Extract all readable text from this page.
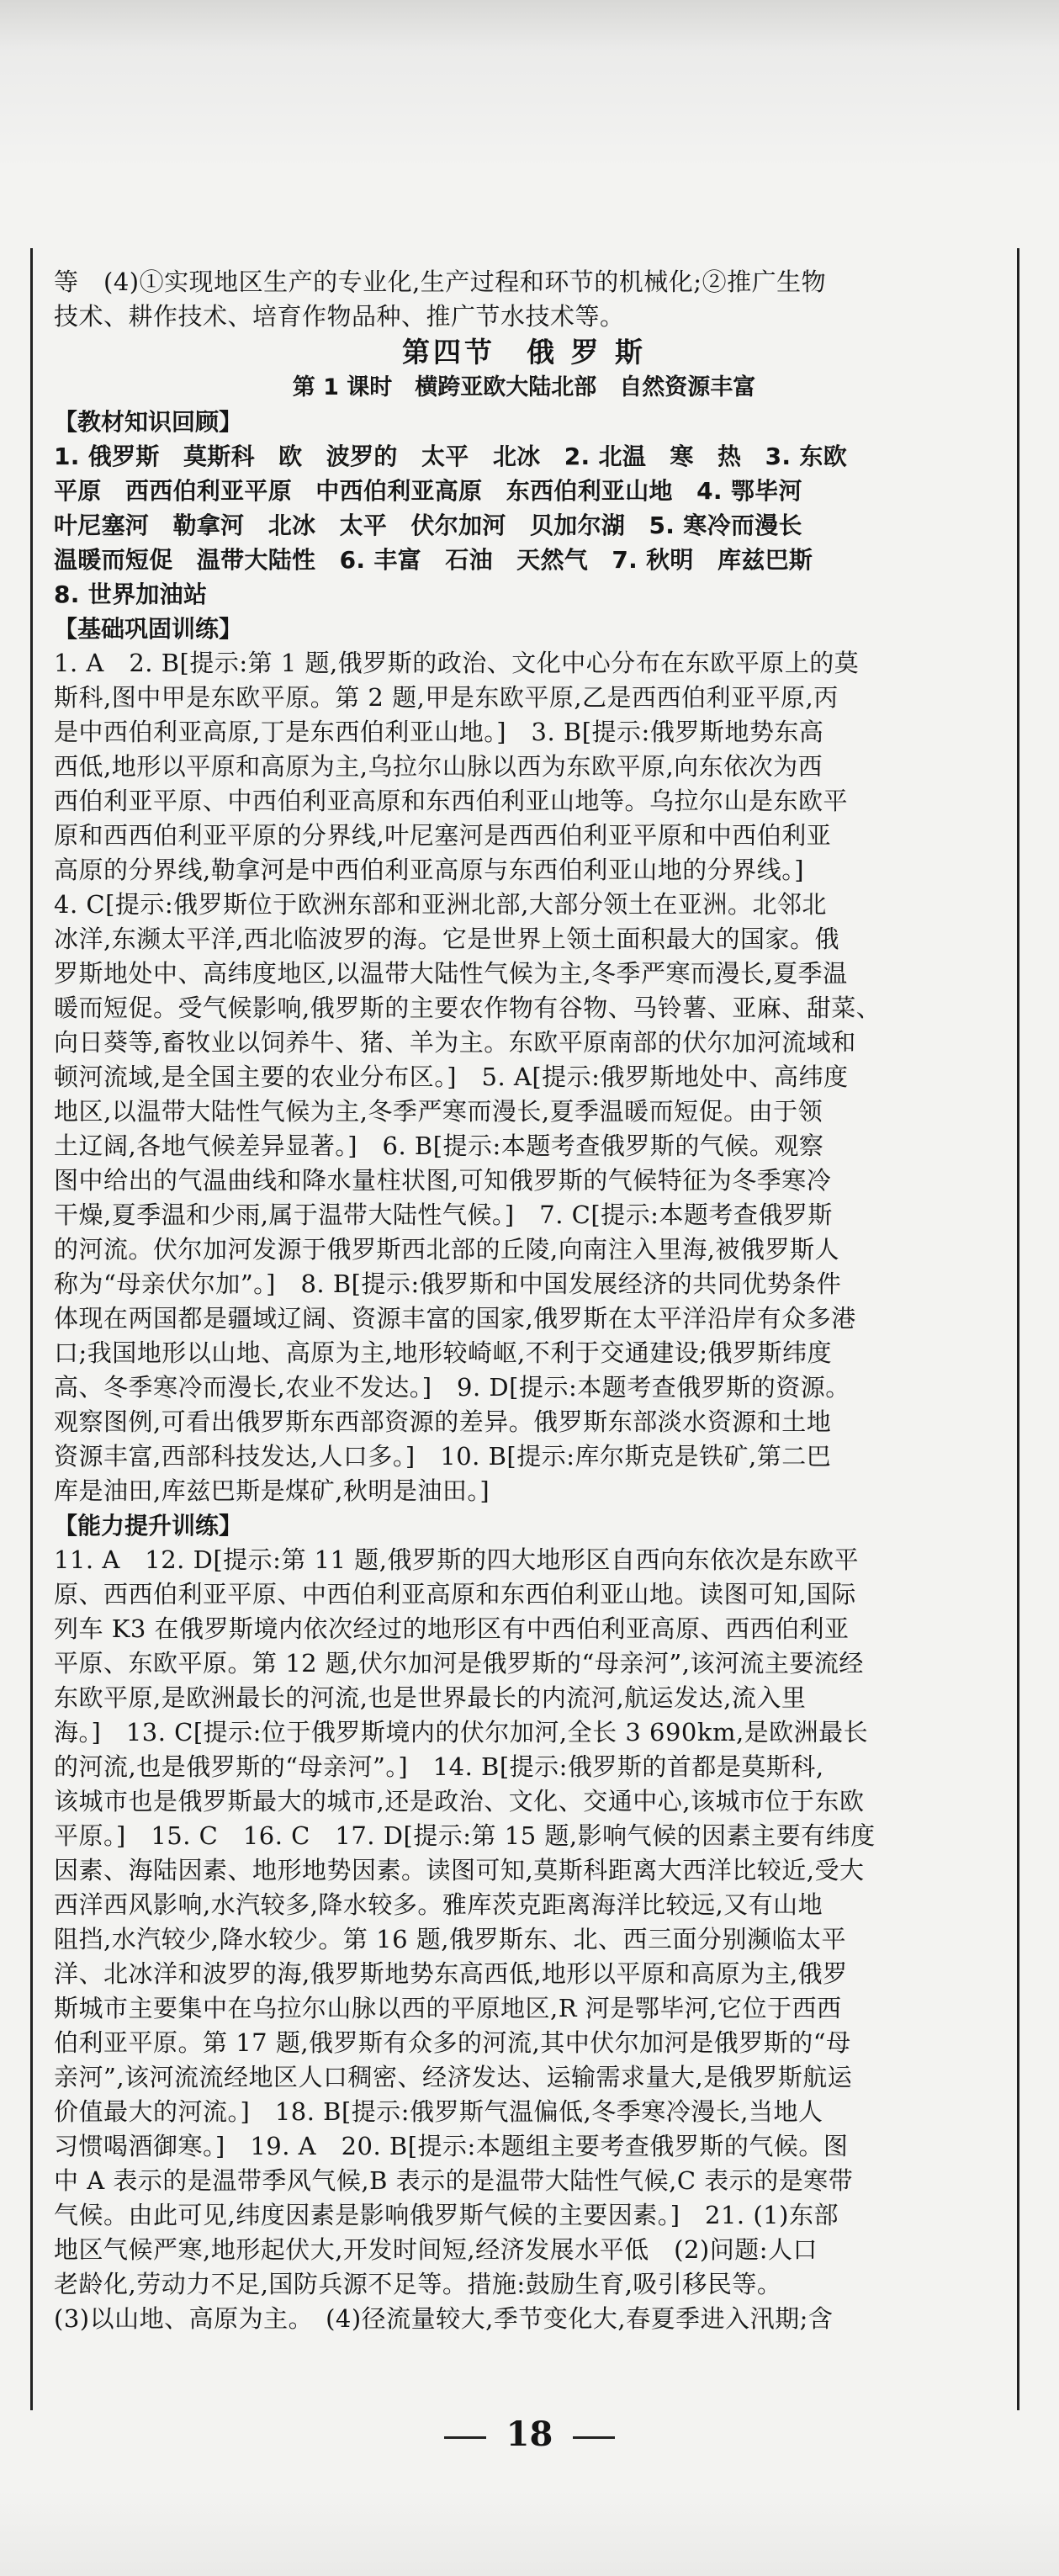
等　(4)①实现地区生产的专业化,生产过程和环节的机械化;②推广生物

技术、耕作技术、培育作物品种、推广节水技术等。

第四节　俄 罗 斯

第 1 课时　横跨亚欧大陆北部　自然资源丰富

【教材知识回顾】

1. 俄罗斯　莫斯科　欧　波罗的　太平　北冰　2. 北温　寒　热　3. 东欧

平原　西西伯利亚平原　中西伯利亚高原　东西伯利亚山地　4. 鄂毕河

叶尼塞河　勒拿河　北冰　太平　伏尔加河　贝加尔湖　5. 寒冷而漫长

温暖而短促　温带大陆性　6. 丰富　石油　天然气　7. 秋明　库兹巴斯

8. 世界加油站

【基础巩固训练】

1. A　2. B[提示:第 1 题,俄罗斯的政治、文化中心分布在东欧平原上的莫

斯科,图中甲是东欧平原。第 2 题,甲是东欧平原,乙是西西伯利亚平原,丙

是中西伯利亚高原,丁是东西伯利亚山地。]　3. B[提示:俄罗斯地势东高

西低,地形以平原和高原为主,乌拉尔山脉以西为东欧平原,向东依次为西

西伯利亚平原、中西伯利亚高原和东西伯利亚山地等。乌拉尔山是东欧平

原和西西伯利亚平原的分界线,叶尼塞河是西西伯利亚平原和中西伯利亚

高原的分界线,勒拿河是中西伯利亚高原与东西伯利亚山地的分界线。]

4. C[提示:俄罗斯位于欧洲东部和亚洲北部,大部分领土在亚洲。北邻北

冰洋,东濒太平洋,西北临波罗的海。它是世界上领土面积最大的国家。俄

罗斯地处中、高纬度地区,以温带大陆性气候为主,冬季严寒而漫长,夏季温

暖而短促。受气候影响,俄罗斯的主要农作物有谷物、马铃薯、亚麻、甜菜、

向日葵等,畜牧业以饲养牛、猪、羊为主。东欧平原南部的伏尔加河流域和

顿河流域,是全国主要的农业分布区。]　5. A[提示:俄罗斯地处中、高纬度

地区,以温带大陆性气候为主,冬季严寒而漫长,夏季温暖而短促。由于领

土辽阔,各地气候差异显著。]　6. B[提示:本题考查俄罗斯的气候。观察

图中给出的气温曲线和降水量柱状图,可知俄罗斯的气候特征为冬季寒冷

干燥,夏季温和少雨,属于温带大陆性气候。]　7. C[提示:本题考查俄罗斯

的河流。伏尔加河发源于俄罗斯西北部的丘陵,向南注入里海,被俄罗斯人

称为“母亲伏尔加”。]　8. B[提示:俄罗斯和中国发展经济的共同优势条件

体现在两国都是疆域辽阔、资源丰富的国家,俄罗斯在太平洋沿岸有众多港

口;我国地形以山地、高原为主,地形较崎岖,不利于交通建设;俄罗斯纬度

高、冬季寒冷而漫长,农业不发达。]　9. D[提示:本题考查俄罗斯的资源。

观察图例,可看出俄罗斯东西部资源的差异。俄罗斯东部淡水资源和土地

资源丰富,西部科技发达,人口多。]　10. B[提示:库尔斯克是铁矿,第二巴

库是油田,库兹巴斯是煤矿,秋明是油田。]

【能力提升训练】

11. A　12. D[提示:第 11 题,俄罗斯的四大地形区自西向东依次是东欧平

原、西西伯利亚平原、中西伯利亚高原和东西伯利亚山地。读图可知,国际

列车 K3 在俄罗斯境内依次经过的地形区有中西伯利亚高原、西西伯利亚

平原、东欧平原。第 12 题,伏尔加河是俄罗斯的“母亲河”,该河流主要流经

东欧平原,是欧洲最长的河流,也是世界最长的内流河,航运发达,流入里

海。]　13. C[提示:位于俄罗斯境内的伏尔加河,全长 3 690km,是欧洲最长

的河流,也是俄罗斯的“母亲河”。]　14. B[提示:俄罗斯的首都是莫斯科,

该城市也是俄罗斯最大的城市,还是政治、文化、交通中心,该城市位于东欧

平原。]　15. C　16. C　17. D[提示:第 15 题,影响气候的因素主要有纬度

因素、海陆因素、地形地势因素。读图可知,莫斯科距离大西洋比较近,受大

西洋西风影响,水汽较多,降水较多。雅库茨克距离海洋比较远,又有山地

阻挡,水汽较少,降水较少。第 16 题,俄罗斯东、北、西三面分别濒临太平

洋、北冰洋和波罗的海,俄罗斯地势东高西低,地形以平原和高原为主,俄罗

斯城市主要集中在乌拉尔山脉以西的平原地区,R 河是鄂毕河,它位于西西

伯利亚平原。第 17 题,俄罗斯有众多的河流,其中伏尔加河是俄罗斯的“母

亲河”,该河流流经地区人口稠密、经济发达、运输需求量大,是俄罗斯航运

价值最大的河流。]　18. B[提示:俄罗斯气温偏低,冬季寒冷漫长,当地人

习惯喝酒御寒。]　19. A　20. B[提示:本题组主要考查俄罗斯的气候。图

中 A 表示的是温带季风气候,B 表示的是温带大陆性气候,C 表示的是寒带

气候。由此可见,纬度因素是影响俄罗斯气候的主要因素。]　21. (1)东部

地区气候严寒,地形起伏大,开发时间短,经济发展水平低　(2)问题:人口

老龄化,劳动力不足,国防兵源不足等。措施:鼓励生育,吸引移民等。

(3)以山地、高原为主。　(4)径流量较大,季节变化大,春夏季进入汛期;含

18
